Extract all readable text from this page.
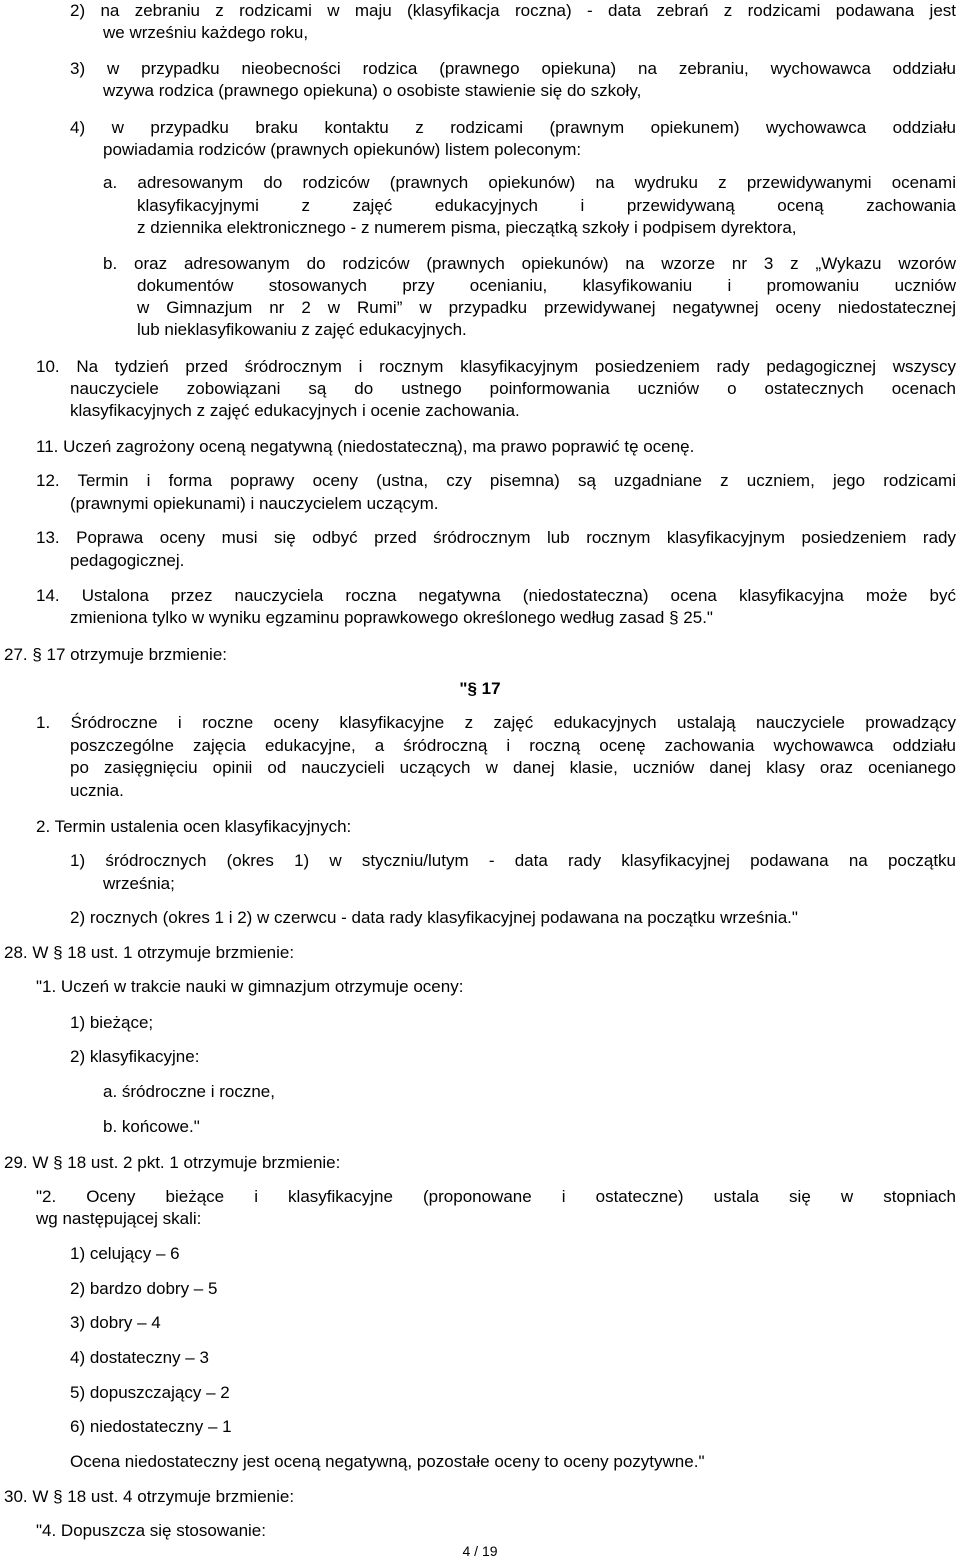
2) na zebraniu z rodzicami w maju (klasyfikacja roczna) - data zebrań z rodzicami podawana jest

we wrześniu każdego roku,

3) w przypadku nieobecności rodzica (prawnego opiekuna) na zebraniu, wychowawca oddziału

wzywa rodzica (prawnego opiekuna) o osobiste stawienie się do szkoły,

4) w przypadku braku kontaktu z rodzicami (prawnym opiekunem) wychowawca oddziału

powiadamia rodziców (prawnych opiekunów) listem poleconym:

a. adresowanym do rodziców (prawnych opiekunów) na wydruku z przewidywanymi ocenami

klasyfikacyjnymi z zajęć edukacyjnych i przewidywaną oceną zachowania

z dziennika elektronicznego - z numerem pisma, pieczątką szkoły i podpisem dyrektora,

b. oraz adresowanym do rodziców (prawnych opiekunów) na wzorze nr 3 z „Wykazu wzorów

dokumentów stosowanych przy ocenianiu, klasyfikowaniu i promowaniu uczniów

w Gimnazjum nr 2 w Rumi” w przypadku przewidywanej negatywnej oceny niedostatecznej

lub nieklasyfikowaniu z zajęć edukacyjnych.

10. Na tydzień przed śródrocznym i rocznym klasyfikacyjnym posiedzeniem rady pedagogicznej wszyscy

nauczyciele zobowiązani są do ustnego poinformowania uczniów o ostatecznych ocenach

klasyfikacyjnych z zajęć edukacyjnych i ocenie zachowania.

11. Uczeń zagrożony oceną negatywną (niedostateczną), ma prawo poprawić tę ocenę.

12. Termin i forma poprawy oceny (ustna, czy pisemna) są uzgadniane z uczniem, jego rodzicami

(prawnymi opiekunami) i nauczycielem uczącym.

13. Poprawa oceny musi się odbyć przed śródrocznym lub rocznym klasyfikacyjnym posiedzeniem rady

pedagogicznej.

14. Ustalona przez nauczyciela roczna negatywna (niedostateczna) ocena klasyfikacyjna może być

zmieniona tylko w wyniku egzaminu poprawkowego określonego według zasad § 25."

27. § 17 otrzymuje brzmienie:

"§ 17

1. Śródroczne i roczne oceny klasyfikacyjne z zajęć edukacyjnych ustalają nauczyciele prowadzący

poszczególne zajęcia edukacyjne, a śródroczną i roczną ocenę zachowania wychowawca oddziału

po zasięgnięciu opinii od nauczycieli uczących w danej klasie, uczniów danej klasy oraz ocenianego

ucznia.

2. Termin ustalenia ocen klasyfikacyjnych:

1) śródrocznych (okres 1) w styczniu/lutym - data rady klasyfikacyjnej podawana na początku

września;

2) rocznych (okres 1 i 2) w czerwcu - data rady klasyfikacyjnej podawana na początku września."

28. W § 18 ust. 1 otrzymuje brzmienie:

"1. Uczeń w trakcie nauki w gimnazjum otrzymuje oceny:

1) bieżące;

2) klasyfikacyjne:

a. śródroczne i roczne,

b. końcowe."

29. W § 18 ust. 2 pkt. 1 otrzymuje brzmienie:

"2. Oceny bieżące i klasyfikacyjne (proponowane i ostateczne) ustala się w stopniach

wg następującej skali:

1) celujący – 6

2) bardzo dobry – 5

3) dobry – 4

4) dostateczny – 3

5) dopuszczający – 2

6) niedostateczny – 1

Ocena niedostateczny jest oceną negatywną, pozostałe oceny to oceny pozytywne."

30. W § 18 ust. 4 otrzymuje brzmienie:

"4. Dopuszcza się stosowanie:

4 / 19
